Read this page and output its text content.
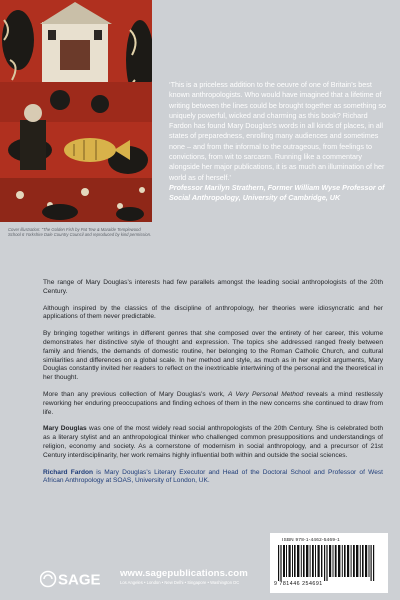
Cover illustration: "The Golden Fish by Pat Tew & Maralde Templewood School 6 Yorkshire Dale Country Council and reproduced by kind permission.
‘This is a priceless addition to the oeuvre of one of Britain’s best known anthropologists. Who would have imagined that a lifetime of writing between the lines could be brought together as something so uniquely powerful, wicked and charming as this book? Richard Fardon has found Mary Douglas’s words in all kinds of places, in all states of preparedness, enrolling many audiences and sometimes none – and from the informal to the outrageous, from feelings to convictions, from wit to sarcasm. Running like a commentary alongside her major publications, it is as much an illumination of her world as of herself.’
Professor Marilyn Strathern, Former William Wyse Professor of Social Anthropology, University of Cambridge, UK

The range of Mary Douglas’s interests had few parallels amongst the leading social anthropologists of the 20th Century.

Although inspired by the classics of the discipline of anthropology, her theories were idiosyncratic and her applications of them never predictable.

By bringing together writings in different genres that she composed over the entirety of her career, this volume demonstrates her distinctive style of thought and expression. The topics she addressed ranged freely between family and friends, the demands of domestic routine, her belonging to the Roman Catholic Church, and cultural similarities and differences on a global scale. In her method and style, as much as in her explicit arguments, Mary Douglas constantly invited her readers to reflect on the inextricable intertwining of the personal and the theoretical in her thought.

More than any previous collection of Mary Douglas’s work, A Very Personal Method reveals a mind restlessly reworking her enduring preoccupations and finding echoes of them in the new concerns she continued to draw from life.

Mary Douglas was one of the most widely read social anthropologists of the 20th Century. She is celebrated both as a literary stylist and an anthropological thinker who challenged common presuppositions and understandings of religion, economy and society. As a cornerstone of modernism in social anthropology, and a precursor of 21st Century interdisciplinarity, her work remains highly influential both within and outside the social sciences.

Richard Fardon is Mary Douglas’s Literary Executor and Head of the Doctoral School and Professor of West African Anthropology at SOAS, University of London, UK.

SAGE www.sagepublications.com
Los Angeles • London • New Delhi • Singapore • Washington DC
ISBN 978-1-4462-5469-1
9 781446 254691
